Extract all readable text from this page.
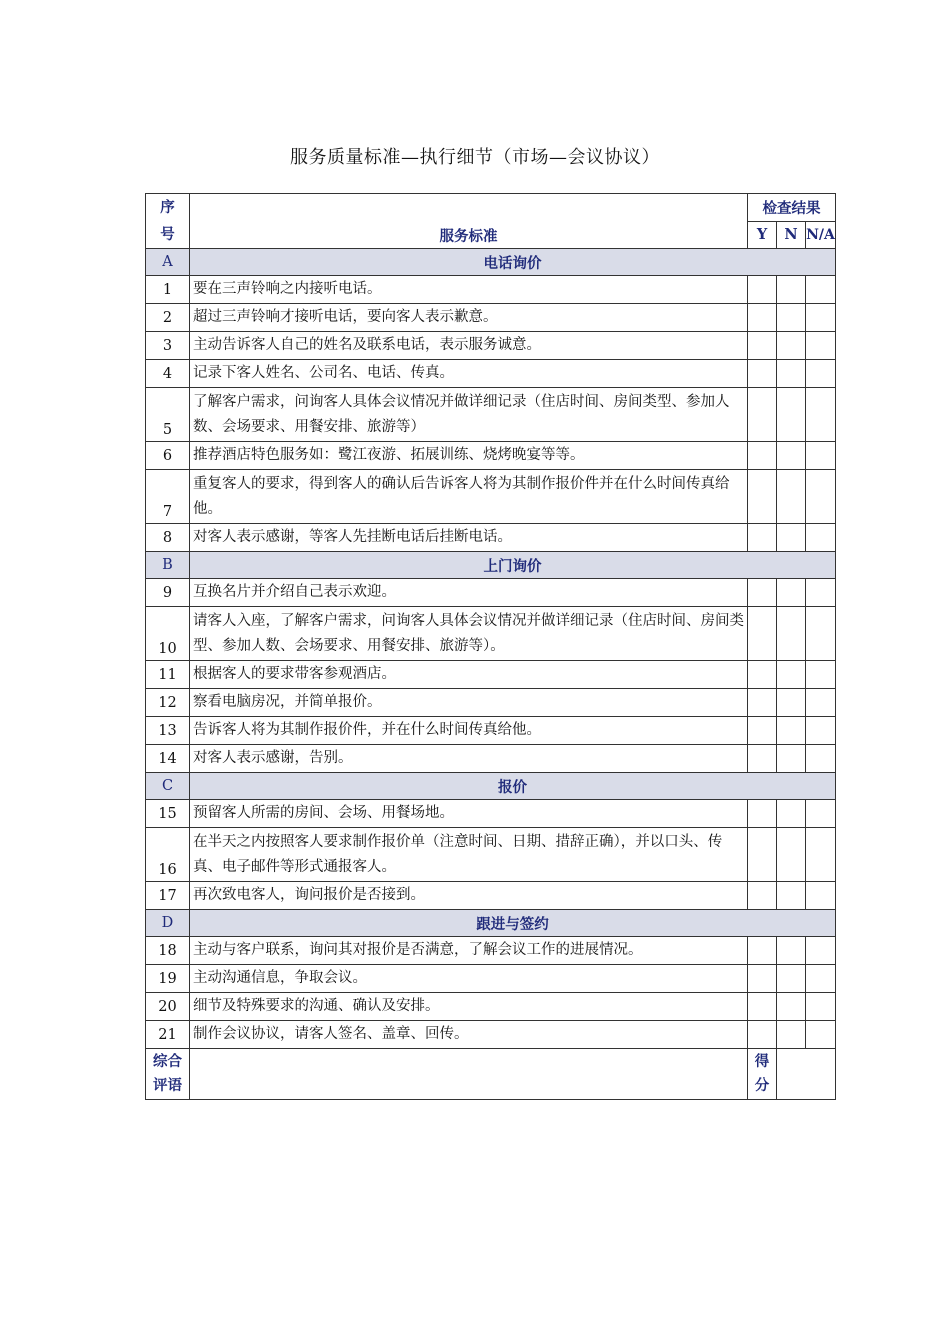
服务质量标准—执行细节（市场—会议协议）
序号	服务标准	检查结果		
		Y	N	N/A
A	电话询价			
1	要在三声铃响之内接听电话。			
2	超过三声铃响才接听电话，要向客人表示歉意。			
3	主动告诉客人自己的姓名及联系电话，表示服务诚意。			
4	记录下客人姓名、公司名、电话、传真。			
5	了解客户需求，问询客人具体会议情况并做详细记录（住店时间、房间类型、参加人数、会场要求、用餐安排、旅游等）			
6	推荐酒店特色服务如：鹭江夜游、拓展训练、烧烤晚宴等等。			
7	重复客人的要求，得到客人的确认后告诉客人将为其制作报价件并在什么时间传真给他。			
8	对客人表示感谢，等客人先挂断电话后挂断电话。			
B	上门询价			
9	互换名片并介绍自己表示欢迎。			
10	请客人入座，了解客户需求，问询客人具体会议情况并做详细记录（住店时间、房间类型、参加人数、会场要求、用餐安排、旅游等）。			
11	根据客人的要求带客参观酒店。			
12	察看电脑房况，并简单报价。			
13	告诉客人将为其制作报价件，并在什么时间传真给他。			
14	对客人表示感谢，告别。			
C	报价			
15	预留客人所需的房间、会场、用餐场地。			
16	在半天之内按照客人要求制作报价单（注意时间、日期、措辞正确），并以口头、传真、电子邮件等形式通报客人。			
17	再次致电客人，询问报价是否接到。			
D	跟进与签约			
18	主动与客户联系，询问其对报价是否满意，了解会议工作的进展情况。			
19	主动沟通信息，争取会议。			
20	细节及特殊要求的沟通、确认及安排。			
21	制作会议协议，请客人签名、盖章、回传。			

综合评语		得分		
